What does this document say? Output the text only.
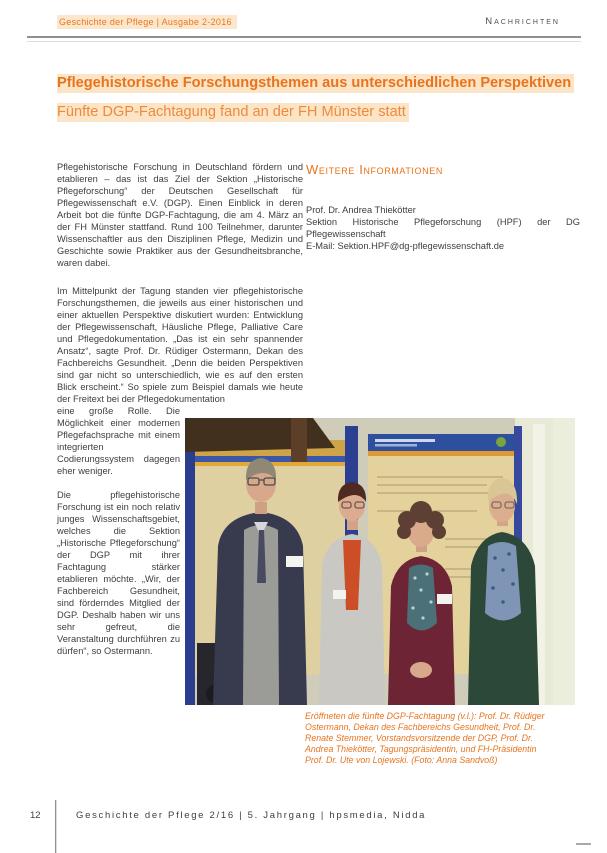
Geschichte der Pflege | Ausgabe 2-2016	Nachrichten
Pflegehistorische Forschungsthemen aus unterschiedlichen Perspektiven
Fünfte DGP-Fachtagung fand an der FH Münster statt
Pflegehistorische Forschung in Deutschland fördern und etablieren – das ist das Ziel der Sektion „Historische Pflegeforschung“ der Deutschen Gesellschaft für Pflegewissenschaft e.V. (DGP). Einen Einblick in deren Arbeit bot die fünfte DGP-Fachtagung, die am 4. März an der FH Münster stattfand. Rund 100 Teilnehmer, darunter Wissenschaftler aus den Disziplinen Pflege, Medizin und Geschichte sowie Praktiker aus der Gesundheitsbranche, waren dabei.
Im Mittelpunkt der Tagung standen vier pflegehistorische Forschungsthemen, die jeweils aus einer historischen und einer aktuellen Perspektive diskutiert wurden: Entwicklung der Pflegewissenschaft, Häusliche Pflege, Palliative Care und Pflegedokumentation. „Das ist ein sehr spannender Ansatz“, sagte Prof. Dr. Rüdiger Ostermann, Dekan des Fachbereichs Gesundheit. „Denn die beiden Perspektiven sind gar nicht so unterschiedlich, wie es auf den ersten Blick erscheint.“ So spiele zum Beispiel damals wie heute der Freitext bei der Pflegedokumentation
eine große Rolle. Die Möglichkeit einer modernen Pflegefachsprache mit einem integrierten Codierungssystem dagegen eher weniger.
Die pflegehistorische Forschung ist ein noch relativ junges Wissenschaftsgebiet, welches die Sektion „Historische Pflegeforschung“ der DGP mit ihrer Fachtagung stärker etablieren möchte. „Wir, der Fachbereich Gesundheit, sind förderndes Mitglied der DGP. Deshalb haben wir uns sehr gefreut, die Veranstaltung durchführen zu dürfen“, so Ostermann.
Weitere Informationen
Prof. Dr. Andrea Thiekötter
Sektion Historische Pflegeforschung (HPF) der DG Pflegewissenschaft
E-Mail: Sektion.HPF@dg-pflegewissenschaft.de
Eröffneten die fünfte DGP-Fachtagung (v.l.): Prof. Dr. Rüdiger Ostermann, Dekan des Fachbereichs Gesundheit, Prof. Dr. Renate Stemmer, Vorstandsvorsitzende der DGP, Prof. Dr. Andrea Thiekötter, Tagungspräsidentin, und FH-Präsidentin Prof. Dr. Ute von Lojewski. (Foto: Anna Sandvoß)
12	Geschichte der Pflege 2/16 | 5. Jahrgang | hpsmedia, Nidda
